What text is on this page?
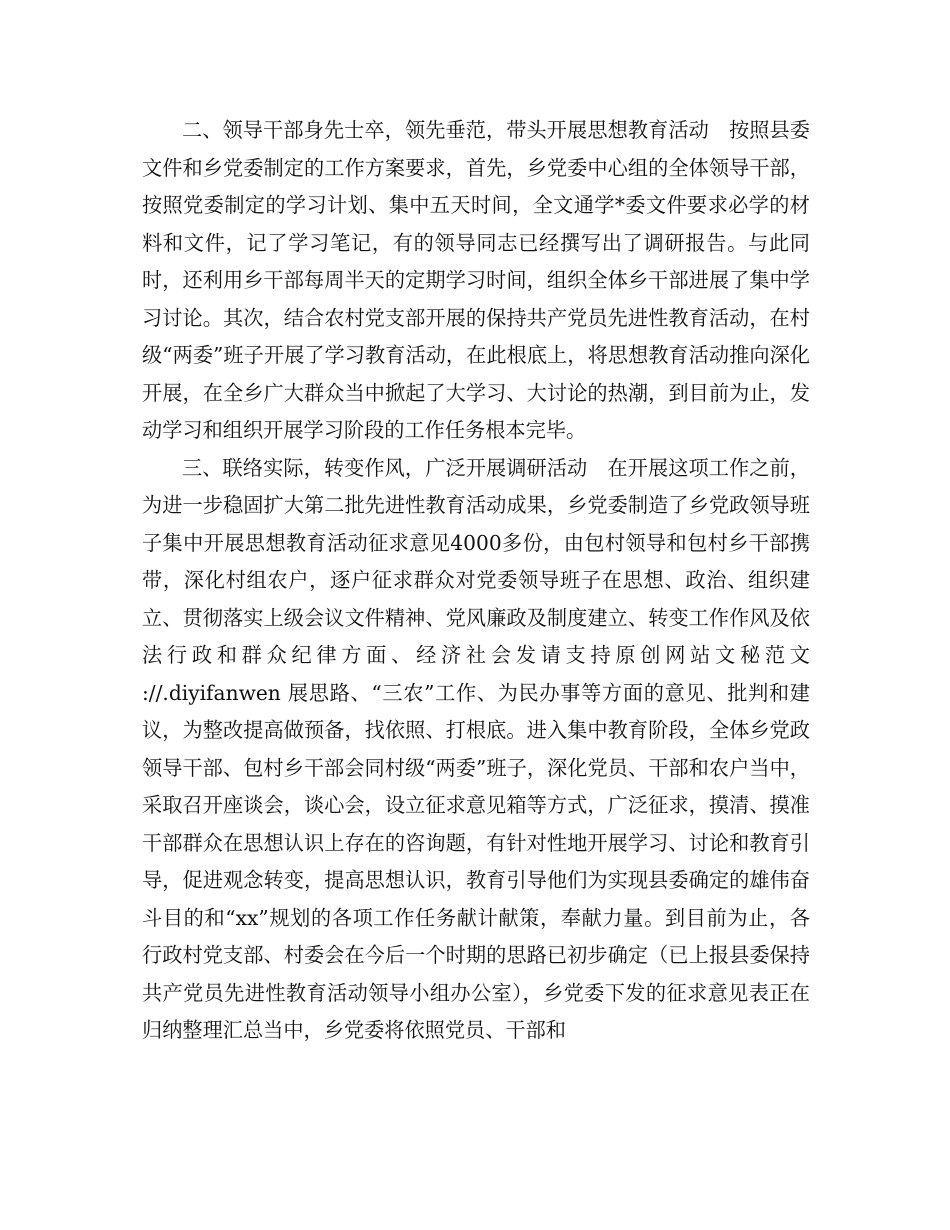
二、领导干部身先士卒，领先垂范，带头开展思想教育活动 按照县委文件和乡党委制定的工作方案要求，首先，乡党委中心组的全体领导干部，按照党委制定的学习计划、集中五天时间，全文通学*委文件要求必学的材料和文件，记了学习笔记，有的领导同志已经撰写出了调研报告。与此同时，还利用乡干部每周半天的定期学习时间，组织全体乡干部进展了集中学习讨论。其次，结合农村党支部开展的保持共产党员先进性教育活动，在村级“两委”班子开展了学习教育活动，在此根底上，将思想教育活动推向深化开展，在全乡广大群众当中掀起了大学习、大讨论的热潮，到目前为止，发动学习和组织开展学习阶段的工作任务根本完毕。

三、联络实际，转变作风，广泛开展调研活动 在开展这项工作之前，为进一步稳固扩大第二批先进性教育活动成果，乡党委制造了乡党政领导班子集中开展思想教育活动征求意见4000多份，由包村领导和包村乡干部携带，深化村组农户，逐户征求群众对党委领导班子在思想、政治、组织建立、贯彻落实上级会议文件精神、党风廉政及制度建立、转变工作作风及依法行政和群众纪律方面、经济社会发请支持原创网站文秘范文 ://.diyifanwen 展思路、“三农”工作、为民办事等方面的意见、批判和建议，为整改提高做预备，找依照、打根底。进入集中教育阶段，全体乡党政领导干部、包村乡干部会同村级“两委”班子，深化党员、干部和农户当中，采取召开座谈会，谈心会，设立征求意见箱等方式，广泛征求，摸清、摸准干部群众在思想认识上存在的咨询题，有针对性地开展学习、讨论和教育引导，促进观念转变，提高思想认识，教育引导他们为实现县委确定的雄伟奋斗目的和“xx”规划的各项工作任务献计献策，奉献力量。到目前为止，各行政村党支部、村委会在今后一个时期的思路已初步确定（已上报县委保持共产党员先进性教育活动领导小组办公室），乡党委下发的征求意见表正在归纳整理汇总当中，乡党委将依照党员、干部和
